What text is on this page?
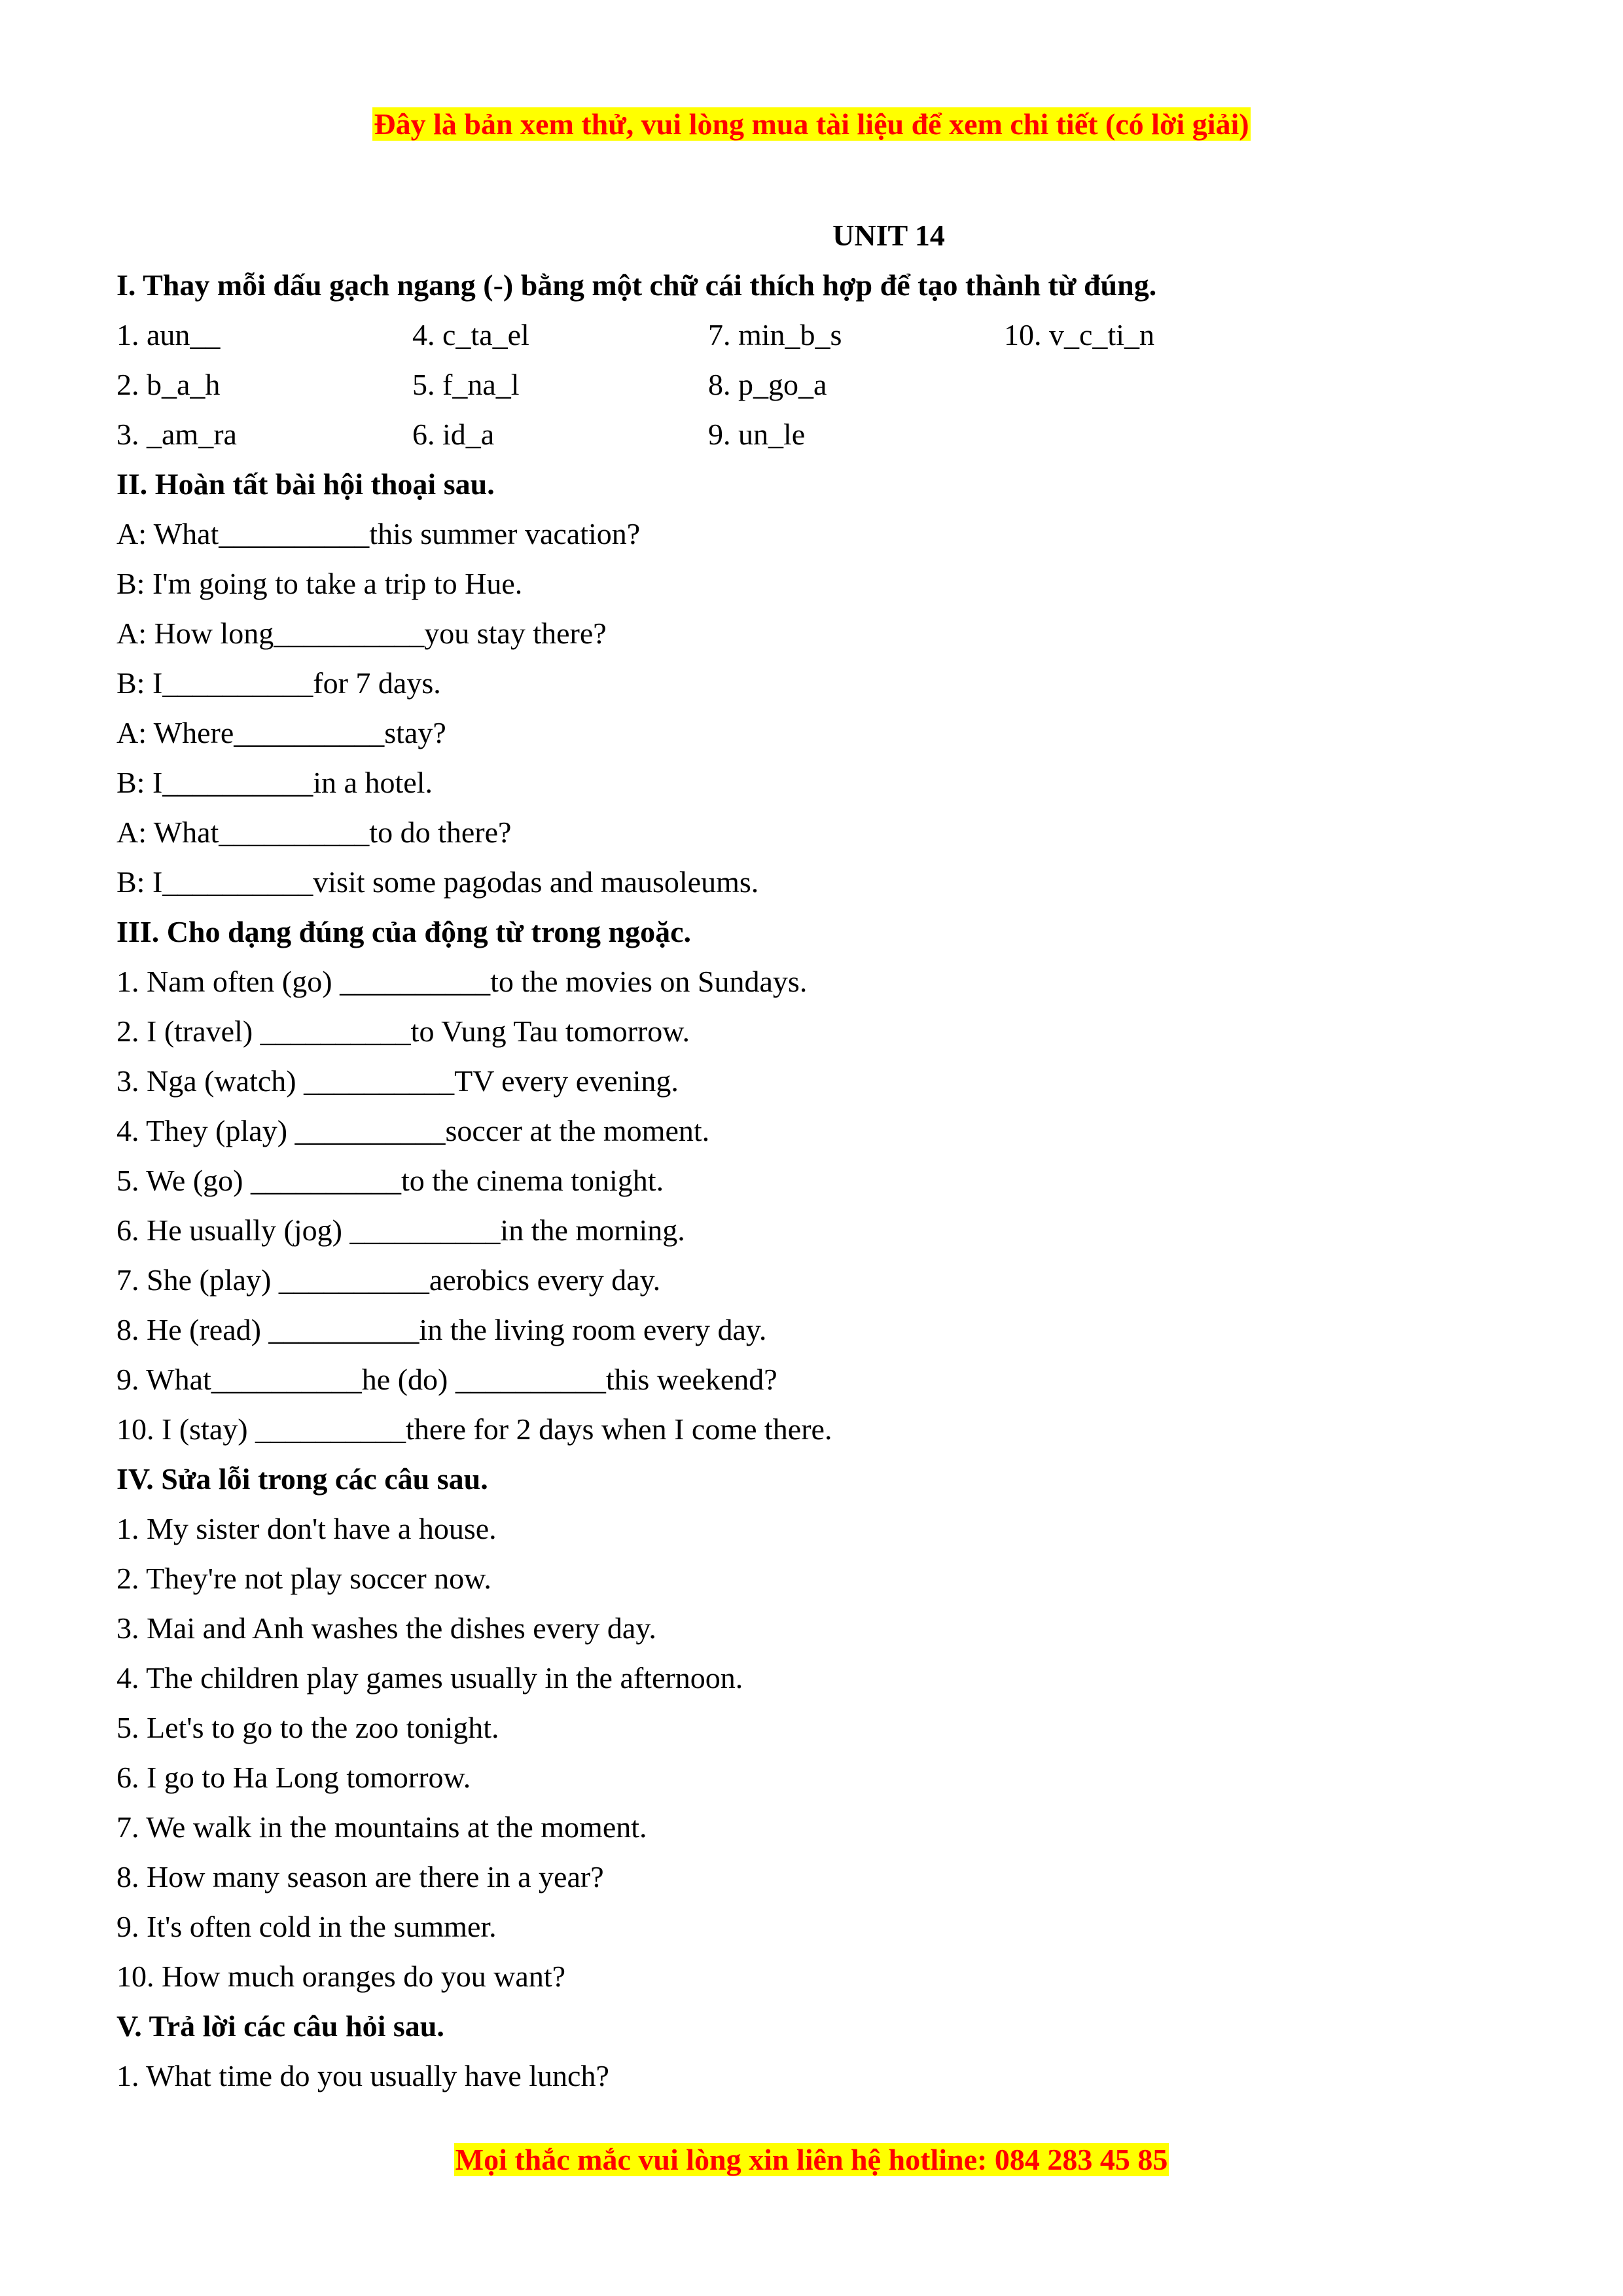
Đây là bản xem thử, vui lòng mua tài liệu để xem chi tiết (có lời giải)
UNIT 14
I. Thay mỗi dấu gạch ngang (-) bằng một chữ cái thích hợp để tạo thành từ đúng.
1. aun__	4. c_ta_el	7. min_b_s	10. v_c_ti_n
2. b_a_h	5. f_na_l	8. p_go_a
3. _am_ra	6. id_a	9. un_le
II. Hoàn tất bài hội thoại sau.
A: What__________this summer vacation?
B: I'm going to take a trip to Hue.
A: How long__________you stay there?
B: I__________for 7 days.
A: Where__________stay?
B: I__________in a hotel.
A: What__________to do there?
B: I__________visit some pagodas and mausoleums.
III. Cho dạng đúng của động từ trong ngoặc.
1. Nam often (go) __________to the movies on Sundays.
2. I (travel) __________to Vung Tau tomorrow.
3. Nga (watch) __________TV every evening.
4. They (play) __________soccer at the moment.
5. We (go) __________to the cinema tonight.
6. He usually (jog) __________in the morning.
7. She (play) __________aerobics every day.
8. He (read) __________in the living room every day.
9. What__________he (do) __________this weekend?
10. I (stay) __________there for 2 days when I come there.
IV. Sửa lỗi trong các câu sau.
1. My sister don't have a house.
2. They're not play soccer now.
3. Mai and Anh washes the dishes every day.
4. The children play games usually in the afternoon.
5. Let's to go to the zoo tonight.
6. I go to Ha Long tomorrow.
7. We walk in the mountains at the moment.
8. How many season are there in a year?
9. It's often cold in the summer.
10. How much oranges do you want?
V. Trả lời các câu hỏi sau.
1. What time do you usually have lunch?
Mọi thắc mắc vui lòng xin liên hệ hotline: 084 283 45 85
